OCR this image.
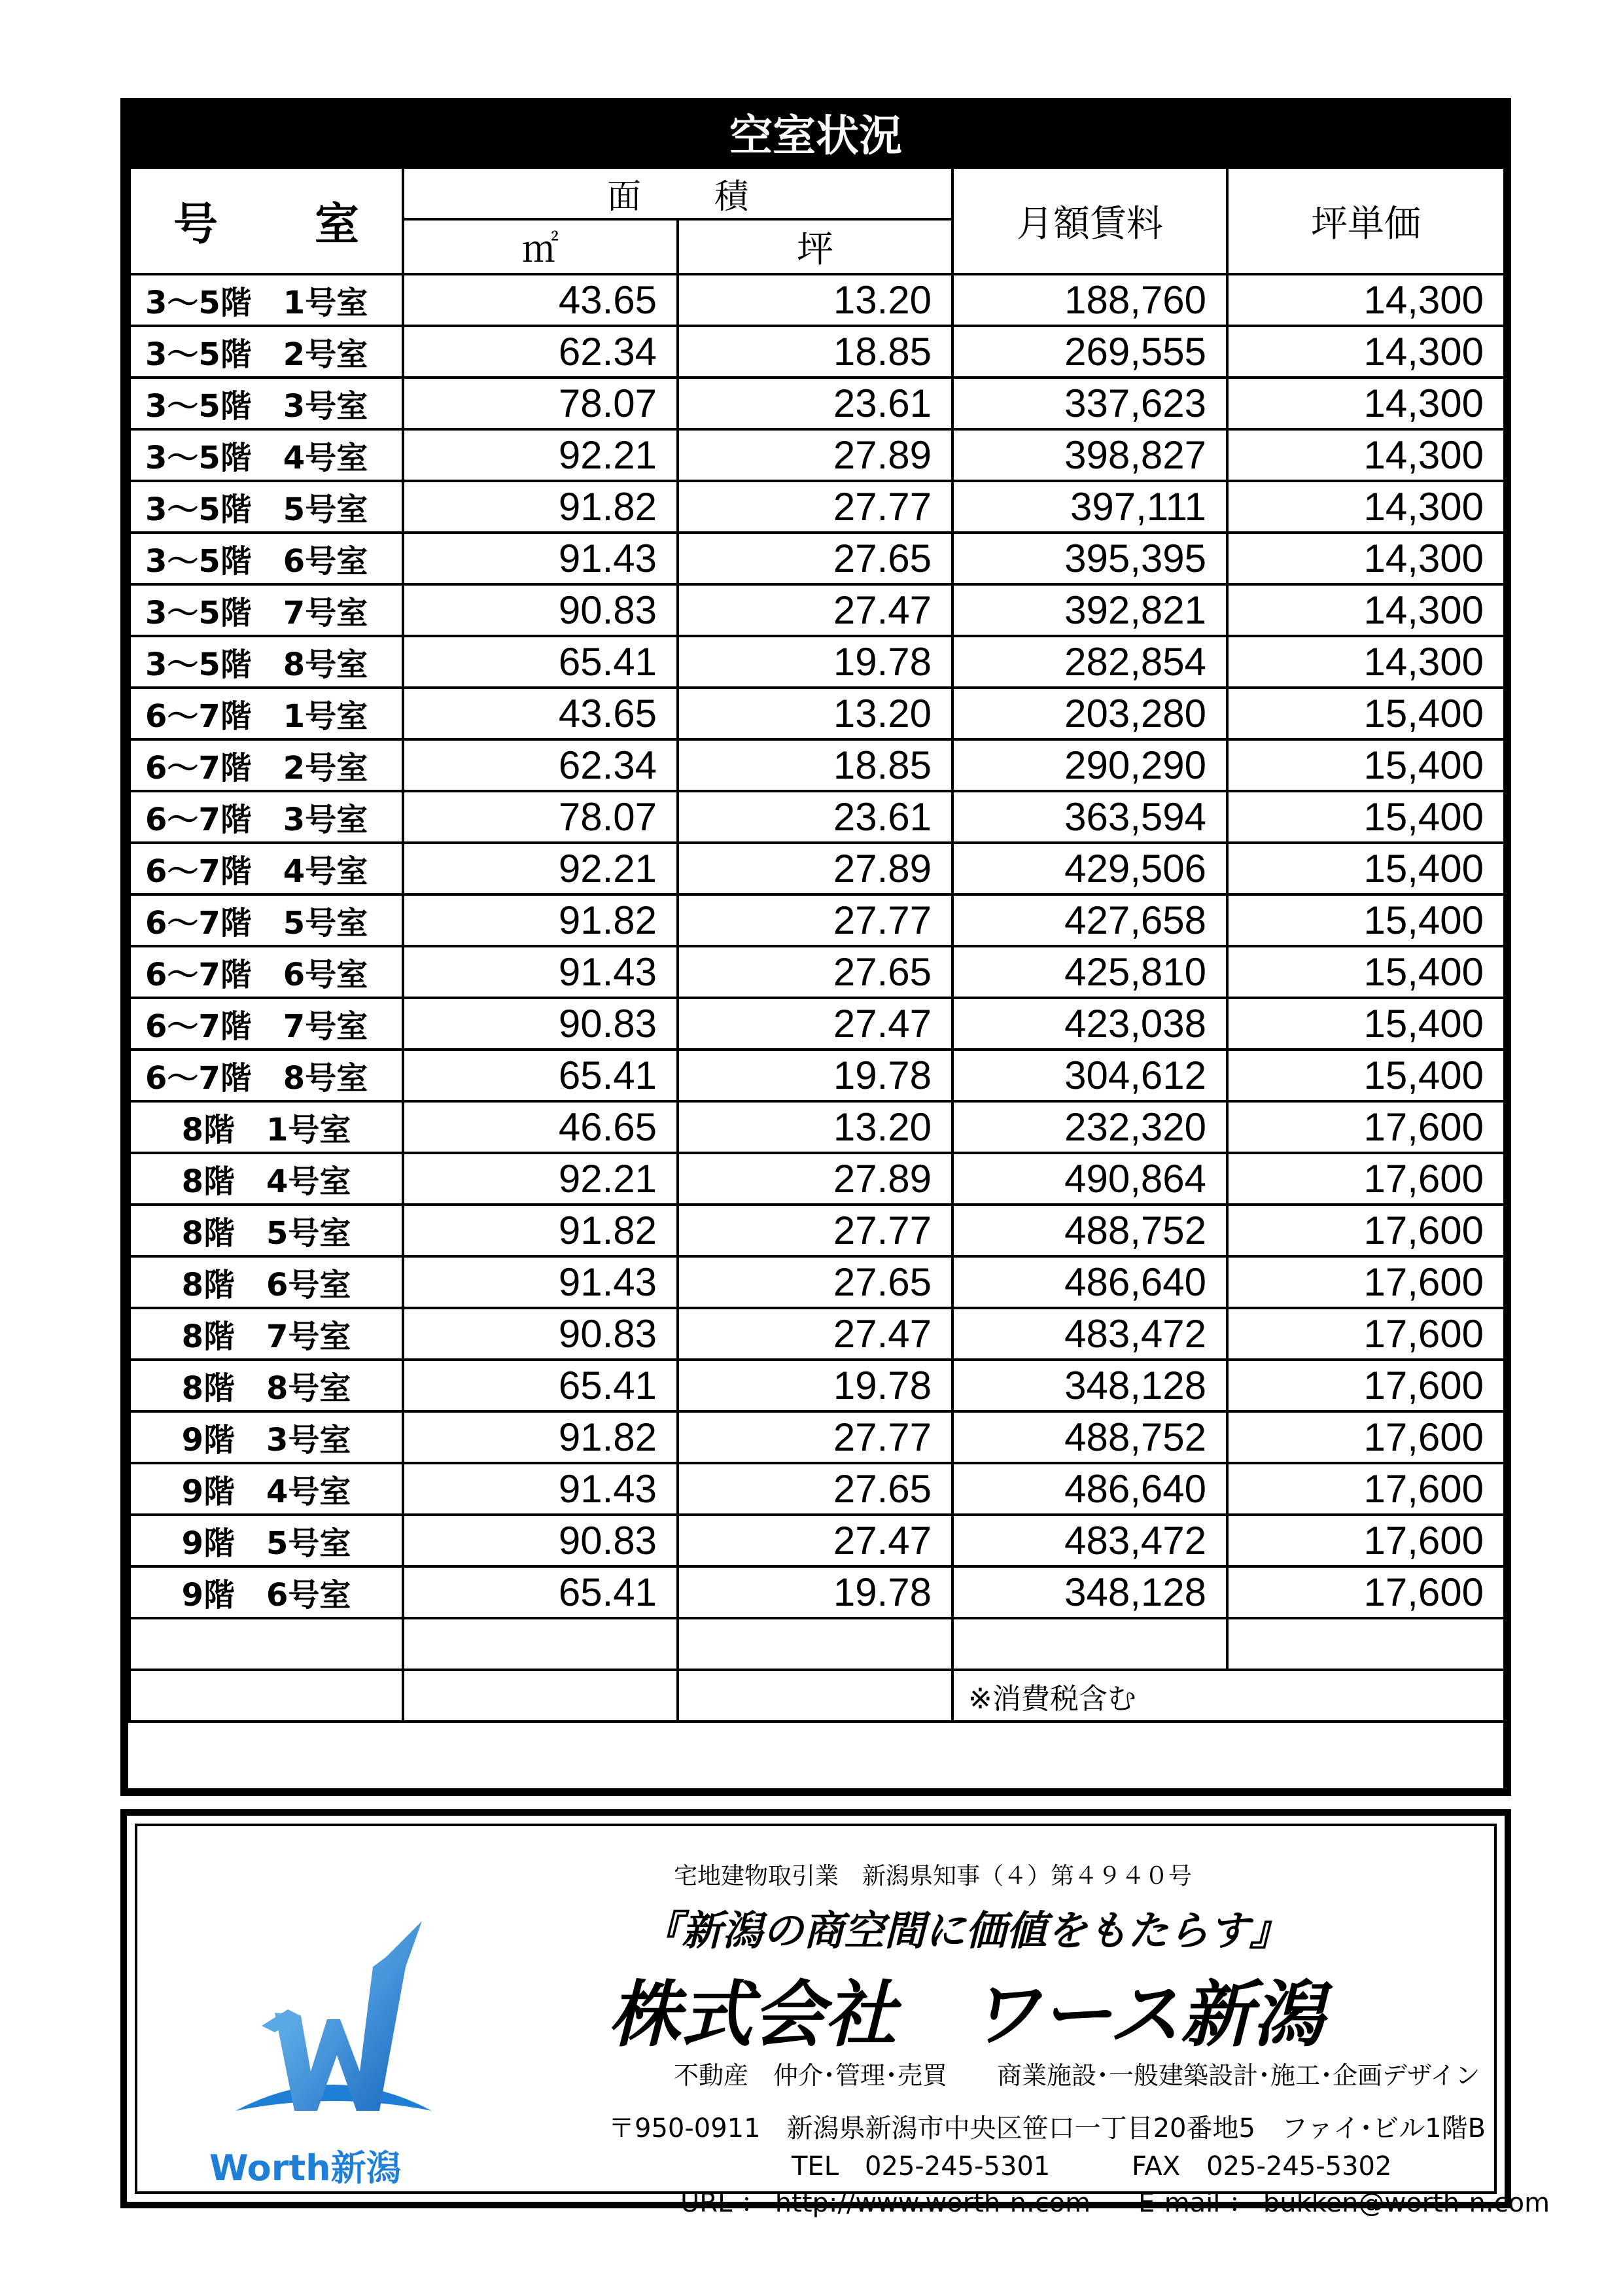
空室状況
号　室	面　積		月額賃料	坪単価
	㎡	坪		
3～5階　1号室	43.65	13.20	188,760	14,300
3～5階　2号室	62.34	18.85	269,555	14,300
3～5階　3号室	78.07	23.61	337,623	14,300
3～5階　4号室	92.21	27.89	398,827	14,300
3～5階　5号室	91.82	27.77	397,111	14,300
3～5階　6号室	91.43	27.65	395,395	14,300
3～5階　7号室	90.83	27.47	392,821	14,300
3～5階　8号室	65.41	19.78	282,854	14,300
6～7階　1号室	43.65	13.20	203,280	15,400
6～7階　2号室	62.34	18.85	290,290	15,400
6～7階　3号室	78.07	23.61	363,594	15,400
6～7階　4号室	92.21	27.89	429,506	15,400
6～7階　5号室	91.82	27.77	427,658	15,400
6～7階　6号室	91.43	27.65	425,810	15,400
6～7階　7号室	90.83	27.47	423,038	15,400
6～7階　8号室	65.41	19.78	304,612	15,400
8階　1号室	46.65	13.20	232,320	17,600
8階　4号室	92.21	27.89	490,864	17,600
8階　5号室	91.82	27.77	488,752	17,600
8階　6号室	91.43	27.65	486,640	17,600
8階　7号室	90.83	27.47	483,472	17,600
8階　8号室	65.41	19.78	348,128	17,600
9階　3号室	91.82	27.77	488,752	17,600
9階　4号室	91.43	27.65	486,640	17,600
9階　5号室	90.83	27.47	483,472	17,600
9階　6号室	65.41	19.78	348,128	17,600

			※消費税含む	
Worth新潟
宅地建物取引業　新潟県知事（４）第４９４０号
『新潟の商空間に価値をもたらす』
株式会社　ワース新潟
不動産　仲介･管理･売買　　商業施設･一般建築設計･施工･企画デザイン
〒950-0911　新潟県新潟市中央区笹口一丁目20番地5　ファイ･ビル1階B
TEL　025-245-5301	FAX　025-245-5302
URL ： http://www.worth-n.com E-mail ： bukken@worth-n.com
